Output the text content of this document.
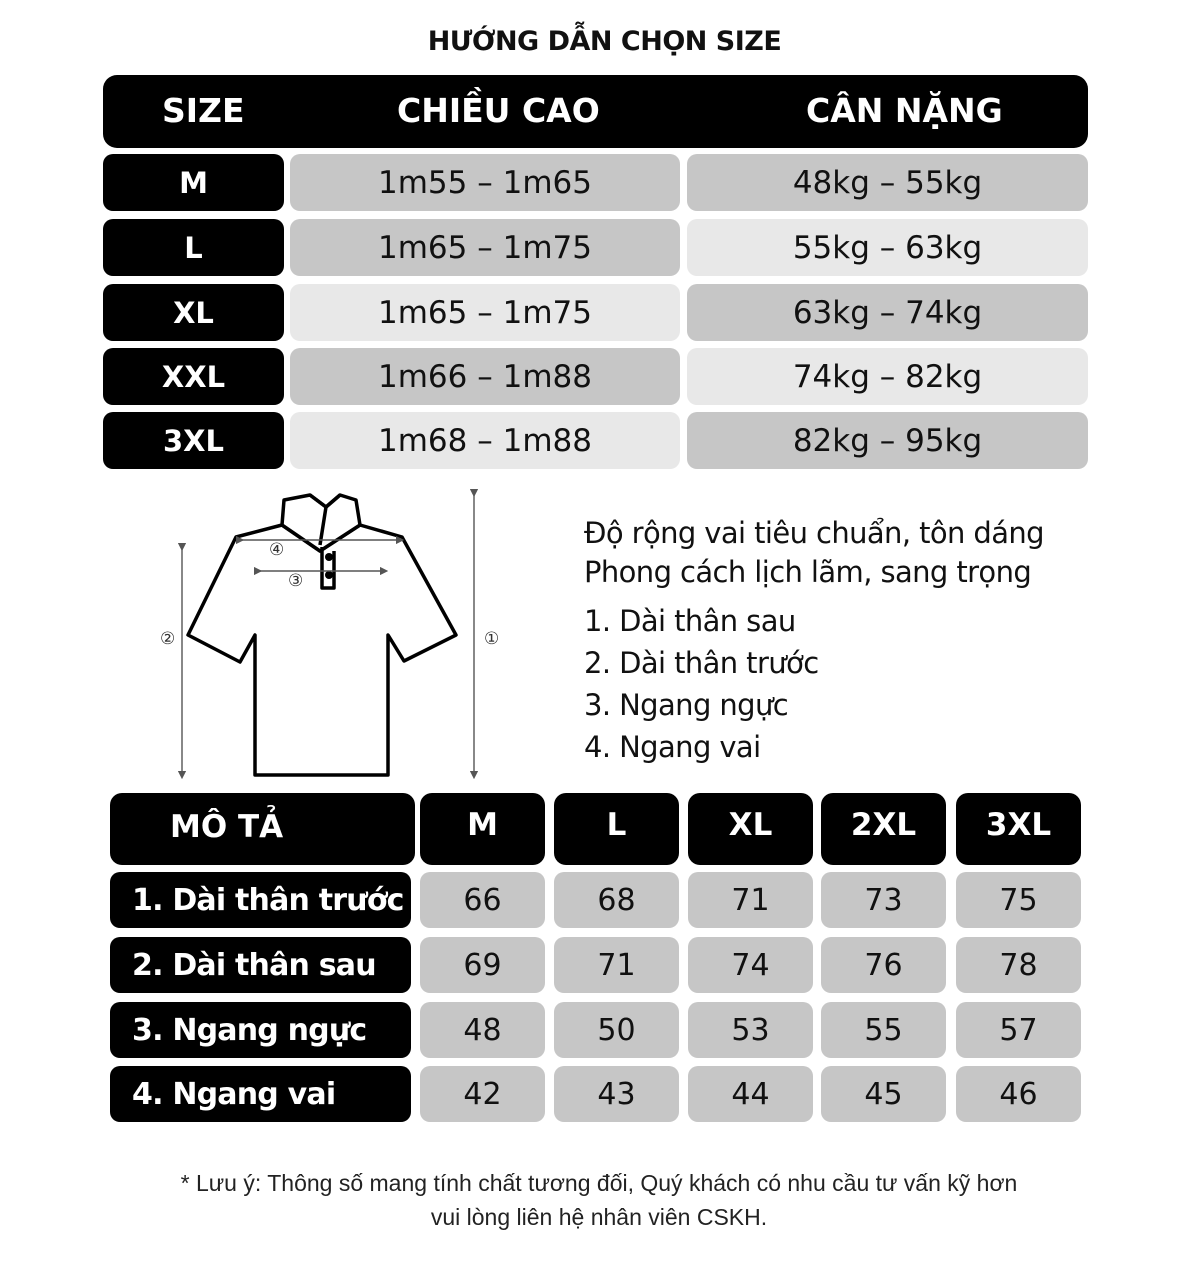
HƯỚNG DẪN CHỌN SIZE
SIZE	CHIỀU CAO	CÂN NẶNG
M	1m55 – 1m65	48kg – 55kg
L	1m65 – 1m75	55kg – 63kg
XL	1m65 – 1m75	63kg – 74kg
XXL	1m66 – 1m88	74kg – 82kg
3XL	1m68 – 1m88	82kg – 95kg
②	①
③
④	Độ rộng vai tiêu chuẩn, tôn dáng
Phong cách lịch lãm, sang trọng
1. Dài thân sau
2. Dài thân trước
3. Ngang ngực
4. Ngang vai
MÔ TẢ	M	L	XL	2XL	3XL
1. Dài thân trước	66	68	71	73	75
2. Dài thân sau	69	71	74	76	78
3. Ngang ngực	48	50	53	55	57
4. Ngang vai	42	43	44	45	46
* Lưu ý: Thông số mang tính chất tương đối, Quý khách có nhu cầu tư vấn kỹ hơn
vui lòng liên hệ nhân viên CSKH.
